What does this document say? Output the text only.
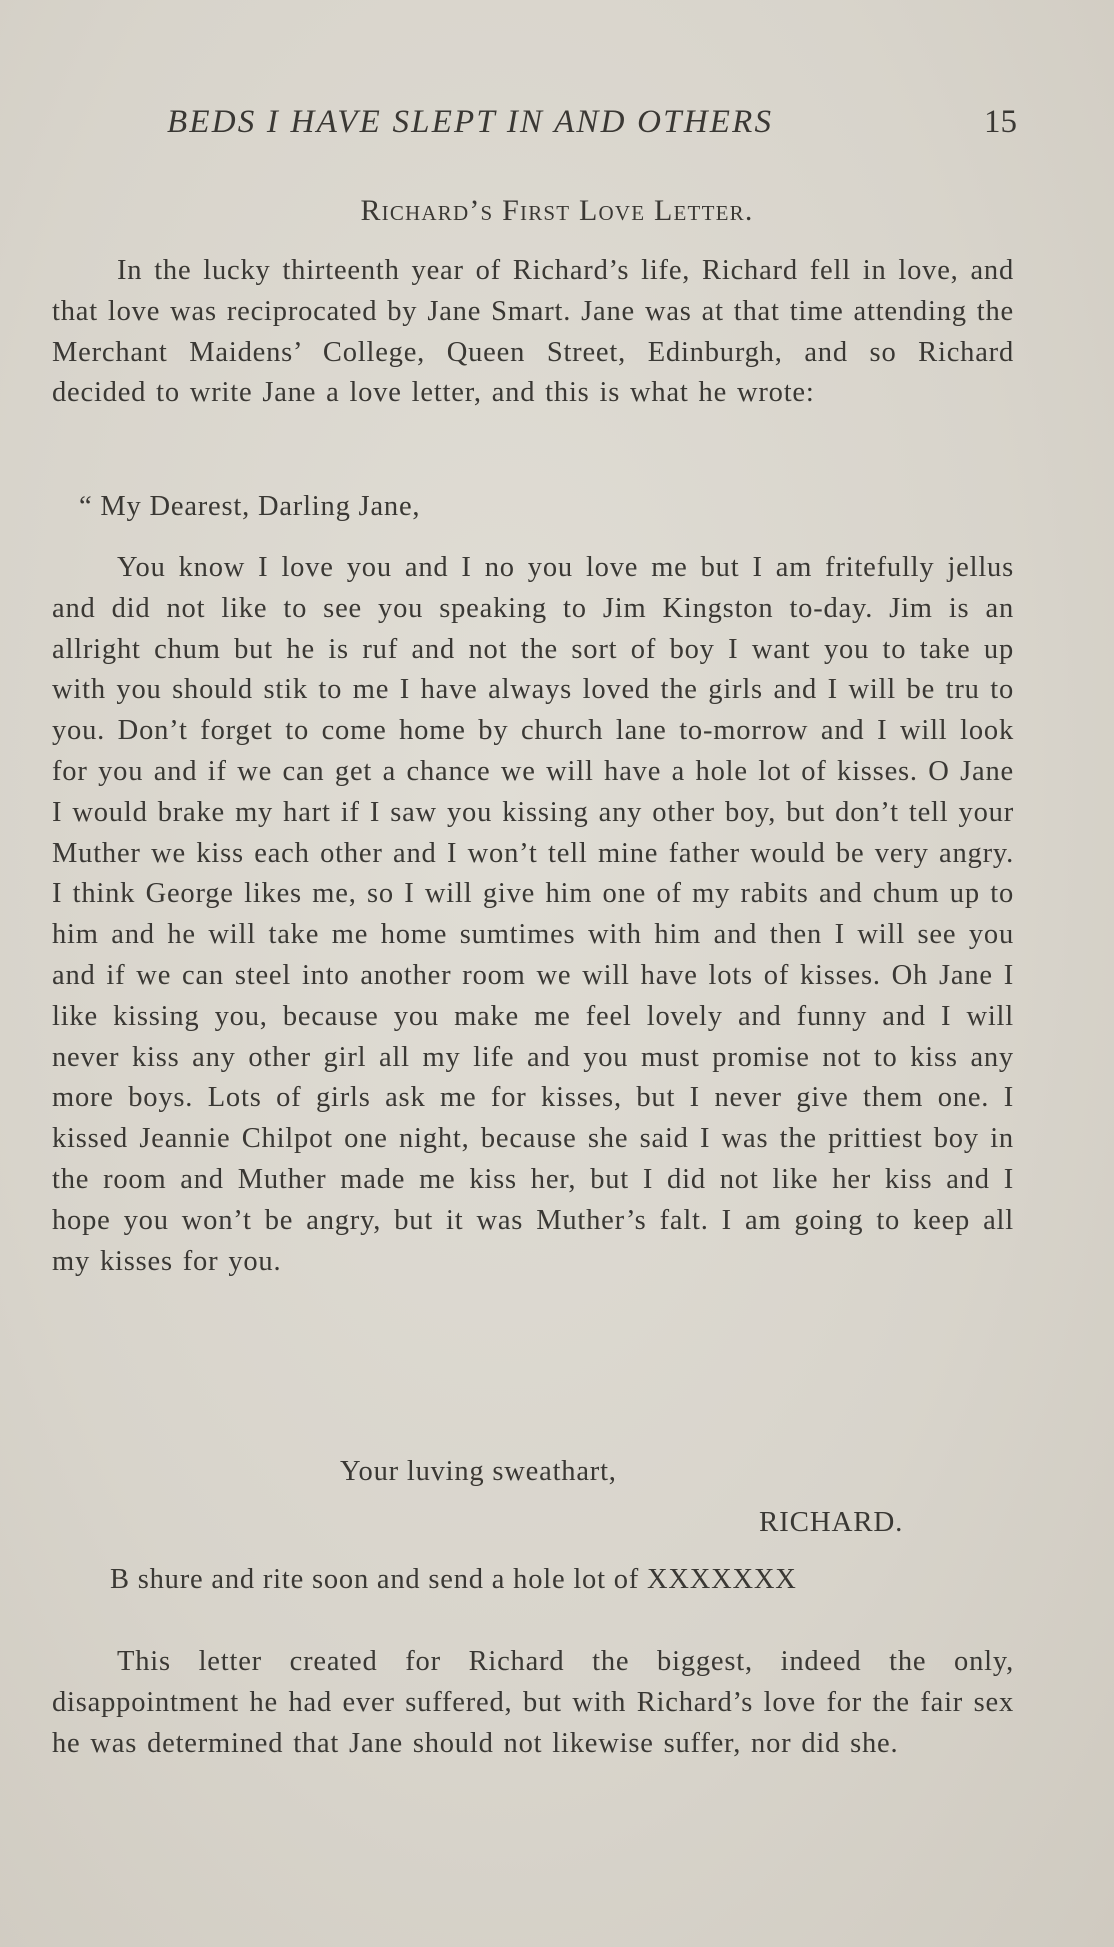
BEDS I HAVE SLEPT IN AND OTHERS	15
Richard’s First Love Letter.

In the lucky thirteenth year of Richard’s life, Richard fell in love, and that love was reciprocated by Jane Smart. Jane was at that time attending the Merchant Maidens’ College, Queen Street, Edinburgh, and so Richard decided to write Jane a love letter, and this is what he wrote:

“ My Dearest, Darling Jane,

You know I love you and I no you love me but I am fritefully jellus and did not like to see you speaking to Jim Kingston to-day. Jim is an allright chum but he is ruf and not the sort of boy I want you to take up with you should stik to me I have always loved the girls and I will be tru to you. Don’t forget to come home by church lane to-morrow and I will look for you and if we can get a chance we will have a hole lot of kisses. O Jane I would brake my hart if I saw you kissing any other boy, but don’t tell your Muther we kiss each other and I won’t tell mine father would be very angry. I think George likes me, so I will give him one of my rabits and chum up to him and he will take me home sumtimes with him and then I will see you and if we can steel into another room we will have lots of kisses. Oh Jane I like kissing you, because you make me feel lovely and funny and I will never kiss any other girl all my life and you must promise not to kiss any more boys. Lots of girls ask me for kisses, but I never give them one. I kissed Jeannie Chilpot one night, because she said I was the prittiest boy in the room and Muther made me kiss her, but I did not like her kiss and I hope you won’t be angry, but it was Muther’s falt. I am going to keep all my kisses for you.

Your luving sweathart,
RICHARD.
B shure and rite soon and send a hole lot of XXXXXXX

This letter created for Richard the biggest, indeed the only, disappointment he had ever suffered, but with Richard’s love for the fair sex he was determined that Jane should not likewise suffer, nor did she.
